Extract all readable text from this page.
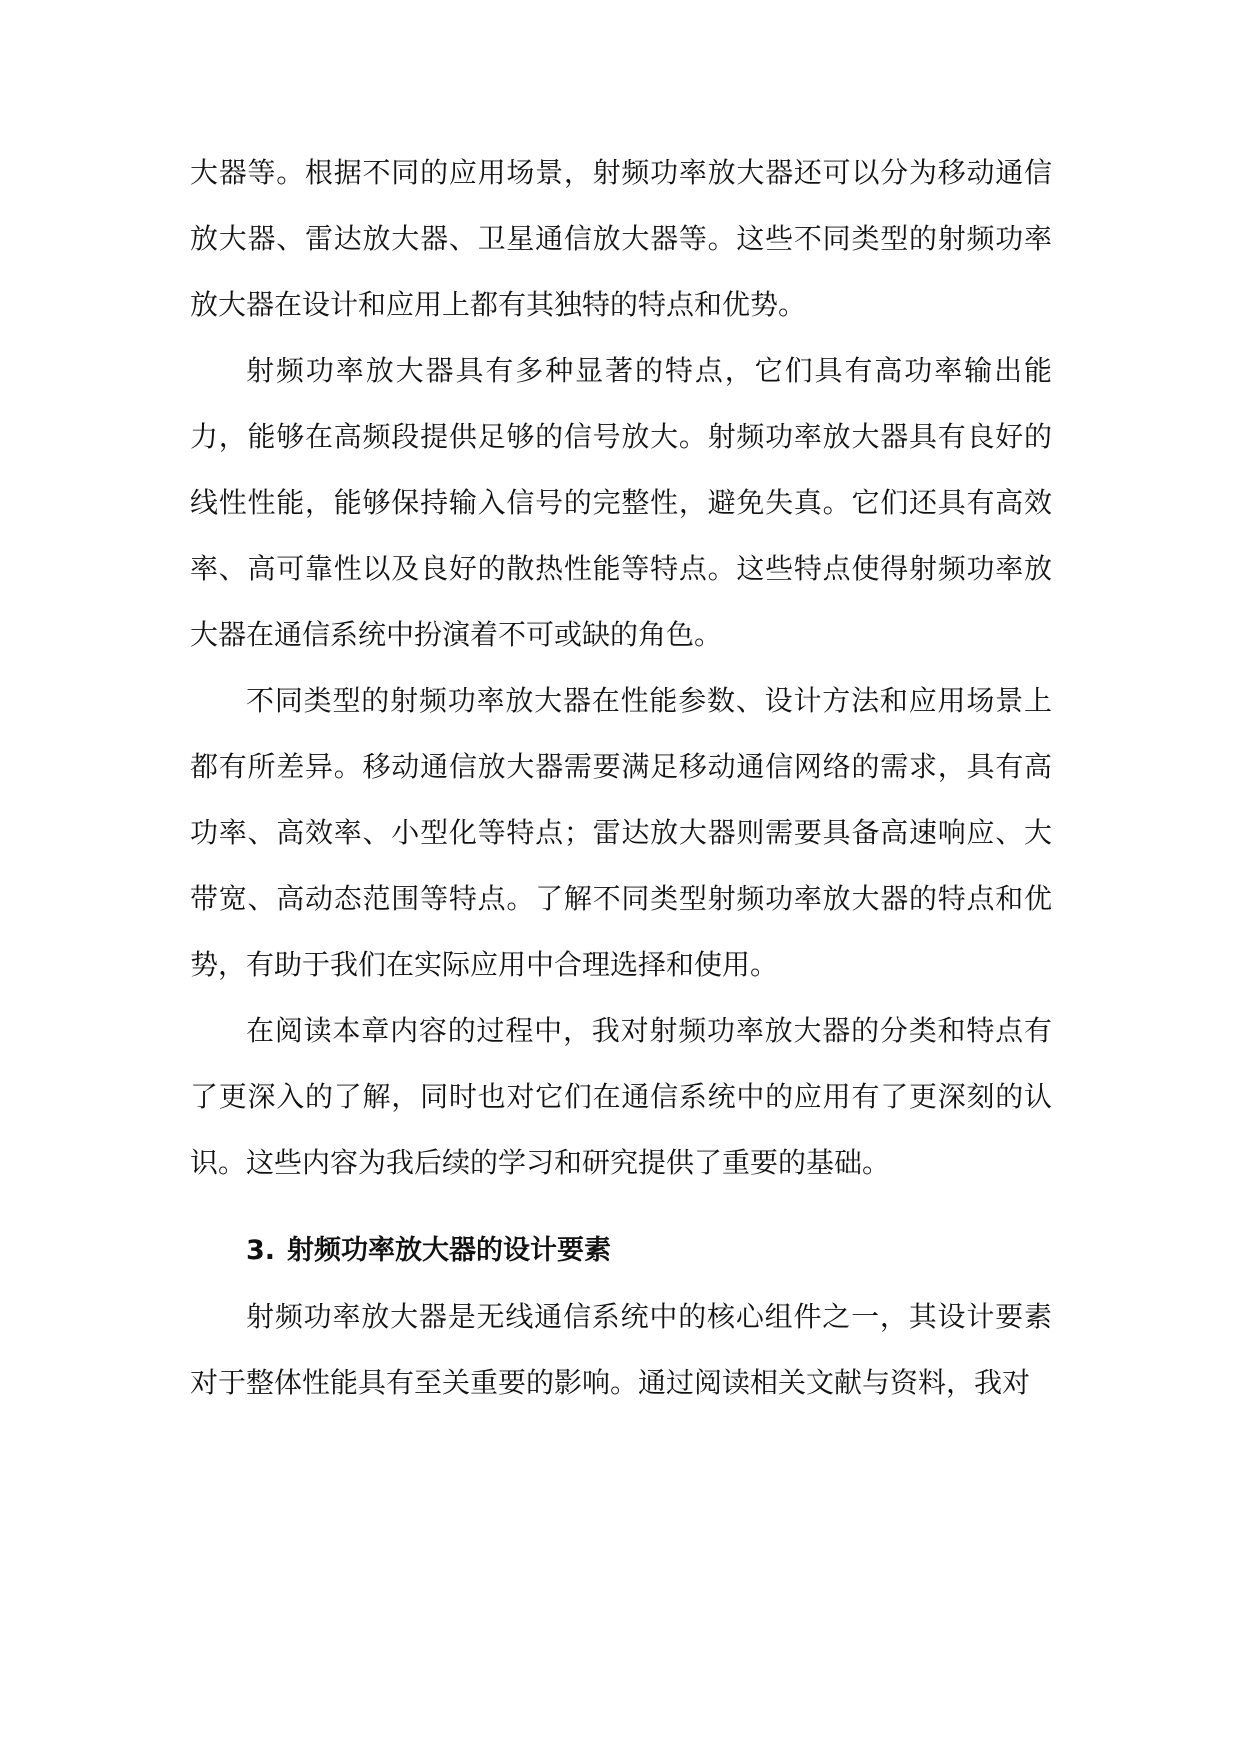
大器等。根据不同的应用场景，射频功率放大器还可以分为移动通信放大器、雷达放大器、卫星通信放大器等。这些不同类型的射频功率放大器在设计和应用上都有其独特的特点和优势。

射频功率放大器具有多种显著的特点，它们具有高功率输出能力，能够在高频段提供足够的信号放大。射频功率放大器具有良好的线性性能，能够保持输入信号的完整性，避免失真。它们还具有高效率、高可靠性以及良好的散热性能等特点。这些特点使得射频功率放大器在通信系统中扮演着不可或缺的角色。

不同类型的射频功率放大器在性能参数、设计方法和应用场景上都有所差异。移动通信放大器需要满足移动通信网络的需求，具有高功率、高效率、小型化等特点；雷达放大器则需要具备高速响应、大带宽、高动态范围等特点。了解不同类型射频功率放大器的特点和优势，有助于我们在实际应用中合理选择和使用。

在阅读本章内容的过程中，我对射频功率放大器的分类和特点有了更深入的了解，同时也对它们在通信系统中的应用有了更深刻的认识。这些内容为我后续的学习和研究提供了重要的基础。

3. 射频功率放大器的设计要素

射频功率放大器是无线通信系统中的核心组件之一，其设计要素对于整体性能具有至关重要的影响。通过阅读相关文献与资料，我对
